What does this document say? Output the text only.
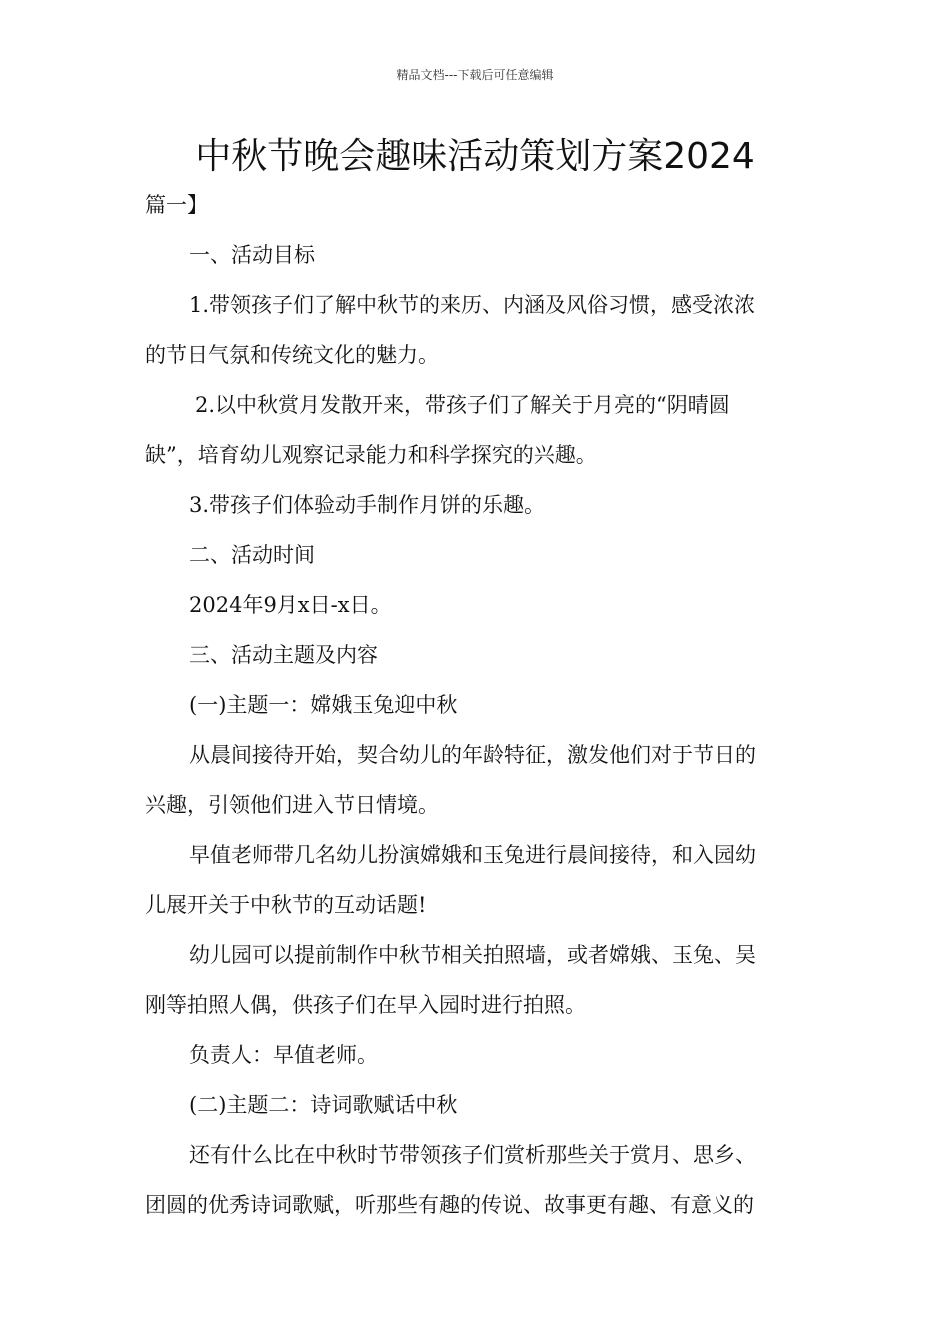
精品文档---下载后可任意编辑
中秋节晚会趣味活动策划方案2024

篇一】

一、活动目标

1.带领孩子们了解中秋节的来历、内涵及风俗习惯，感受浓浓

的节日气氛和传统文化的魅力。

2.以中秋赏月发散开来，带孩子们了解关于月亮的“阴晴圆

缺”，培育幼儿观察记录能力和科学探究的兴趣。

3.带孩子们体验动手制作月饼的乐趣。

二、活动时间

2024年9月x日-x日。

三、活动主题及内容

(一)主题一：嫦娥玉兔迎中秋

从晨间接待开始，契合幼儿的年龄特征，激发他们对于节日的

兴趣，引领他们进入节日情境。

早值老师带几名幼儿扮演嫦娥和玉兔进行晨间接待，和入园幼

儿展开关于中秋节的互动话题!

幼儿园可以提前制作中秋节相关拍照墙，或者嫦娥、玉兔、吴

刚等拍照人偶，供孩子们在早入园时进行拍照。

负责人：早值老师。

(二)主题二：诗词歌赋话中秋

还有什么比在中秋时节带领孩子们赏析那些关于赏月、思乡、

团圆的优秀诗词歌赋，听那些有趣的传说、故事更有趣、有意义的
